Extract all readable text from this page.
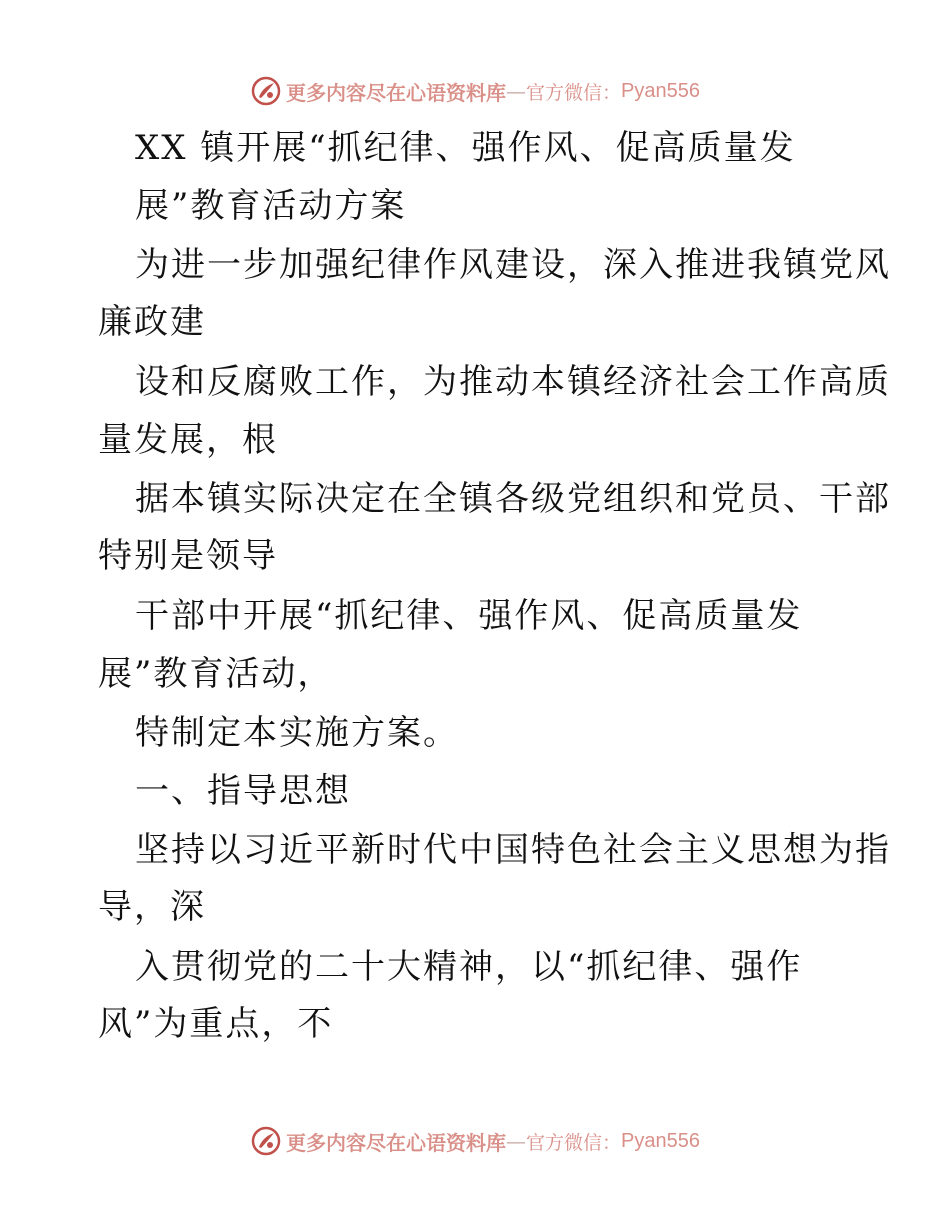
更多内容尽在心语资料库 — 官方微信： Pyan556
XX 镇开展“抓纪律、强作风、促高质量发
展”教育活动方案
为进一步加强纪律作风建设，深入推进我镇党风
廉政建
设和反腐败工作，为推动本镇经济社会工作高质
量发展，根
据本镇实际决定在全镇各级党组织和党员、干部
特别是领导
干部中开展“抓纪律、强作风、促高质量发
展”教育活动，
特制定本实施方案。
一、指导思想
坚持以习近平新时代中国特色社会主义思想为指
导，深
入贯彻党的二十大精神，以“抓纪律、强作
风”为重点，不
更多内容尽在心语资料库 — 官方微信： Pyan556
